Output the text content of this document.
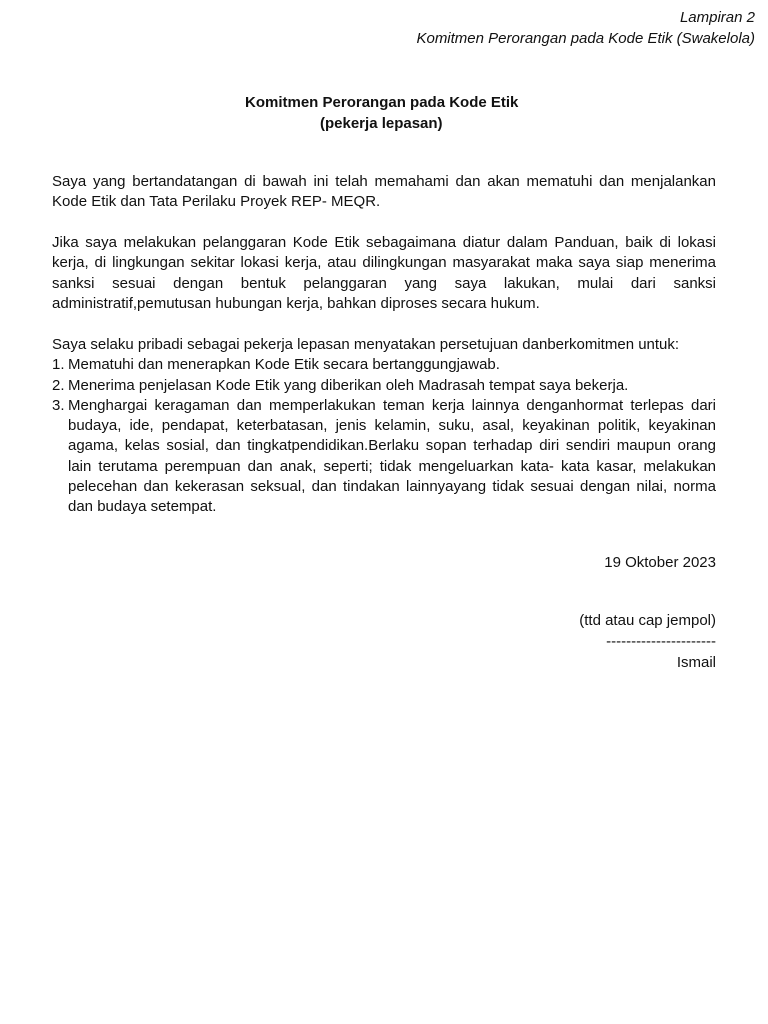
Lampiran 2
Komitmen Perorangan pada Kode Etik (Swakelola)
Komitmen Perorangan pada Kode Etik
(pekerja lepasan)

Saya yang bertandatangan di bawah ini telah memahami dan akan mematuhi dan menjalankan Kode Etik dan Tata Perilaku Proyek REP- MEQR.

Jika saya melakukan pelanggaran Kode Etik sebagaimana diatur dalam Panduan, baik di lokasi kerja, di lingkungan sekitar lokasi kerja, atau dilingkungan masyarakat maka saya siap menerima sanksi sesuai dengan bentuk pelanggaran yang saya lakukan, mulai dari sanksi administratif,pemutusan hubungan kerja, bahkan diproses secara hukum.

Saya selaku pribadi sebagai pekerja lepasan menyatakan persetujuan danberkomitmen untuk:

1. Mematuhi dan menerapkan Kode Etik secara bertanggungjawab.
2. Menerima penjelasan Kode Etik yang diberikan oleh Madrasah tempat saya bekerja.
3. Menghargai keragaman dan memperlakukan teman kerja lainnya denganhormat terlepas dari budaya, ide, pendapat, keterbatasan, jenis kelamin, suku, asal, keyakinan politik, keyakinan agama, kelas sosial, dan tingkatpendidikan.Berlaku sopan terhadap diri sendiri maupun orang lain terutama perempuan dan anak, seperti; tidak mengeluarkan kata- kata kasar, melakukan pelecehan dan kekerasan seksual, dan tindakan lainnyayang tidak sesuai dengan nilai, norma dan budaya setempat.
19 Oktober 2023
(ttd atau cap jempol)
----------------------
Ismail
